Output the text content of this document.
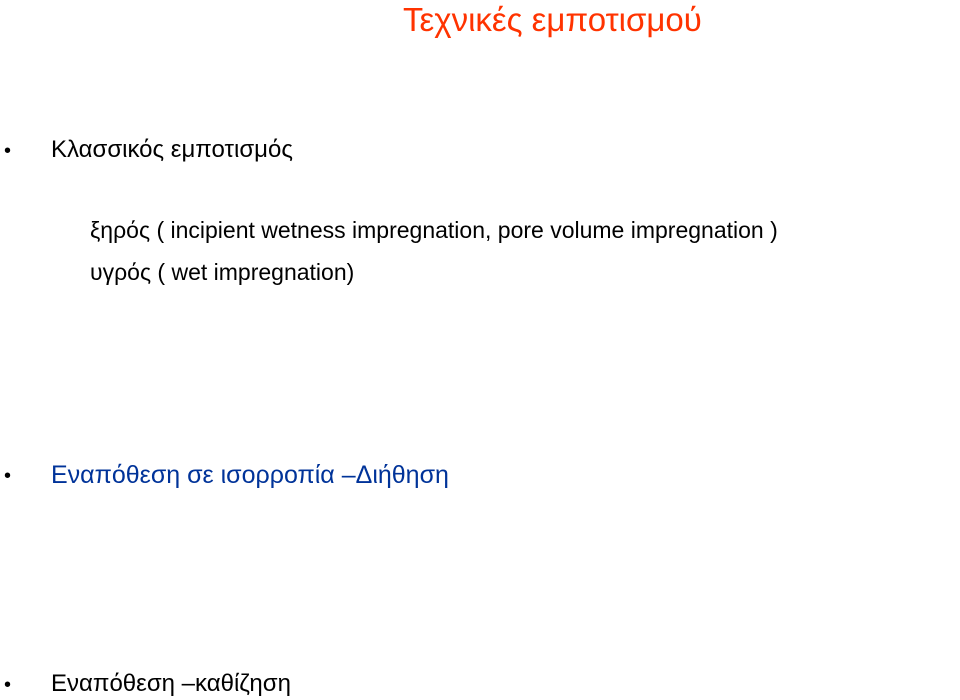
Τεχνικές εμποτισμού
• Κλασσικός εμποτισμός
ξηρός ( incipient wetness impregnation, pore volume impregnation )
υγρός ( wet impregnation)
• Εναπόθεση σε ισορροπία –Διήθηση
• Εναπόθεση –καθίζηση
